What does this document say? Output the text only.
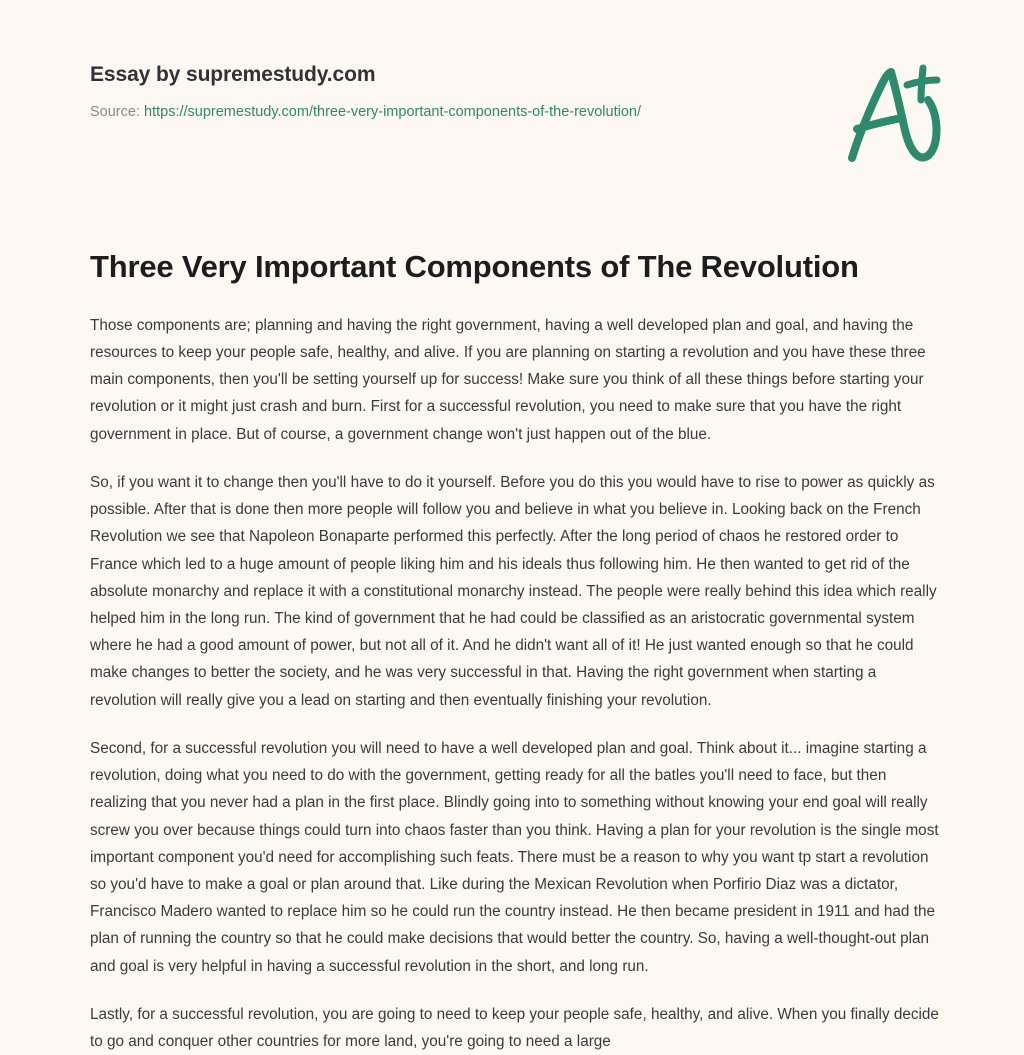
Essay by supremestudy.com
Source: https://supremestudy.com/three-very-important-components-of-the-revolution/
Three Very Important Components of The Revolution

Those components are; planning and having the right government, having a well developed plan and goal, and having the resources to keep your people safe, healthy, and alive. If you are planning on starting a revolution and you have these three main components, then you'll be setting yourself up for success! Make sure you think of all these things before starting your revolution or it might just crash and burn. First for a successful revolution, you need to make sure that you have the right government in place. But of course, a government change won't just happen out of the blue.

So, if you want it to change then you'll have to do it yourself. Before you do this you would have to rise to power as quickly as possible. After that is done then more people will follow you and believe in what you believe in. Looking back on the French Revolution we see that Napoleon Bonaparte performed this perfectly. After the long period of chaos he restored order to France which led to a huge amount of people liking him and his ideals thus following him. He then wanted to get rid of the absolute monarchy and replace it with a constitutional monarchy instead. The people were really behind this idea which really helped him in the long run. The kind of government that he had could be classified as an aristocratic governmental system where he had a good amount of power, but not all of it. And he didn't want all of it! He just wanted enough so that he could make changes to better the society, and he was very successful in that. Having the right government when starting a revolution will really give you a lead on starting and then eventually finishing your revolution.

Second, for a successful revolution you will need to have a well developed plan and goal. Think about it... imagine starting a revolution, doing what you need to do with the government, getting ready for all the batles you'll need to face, but then realizing that you never had a plan in the first place. Blindly going into to something without knowing your end goal will really screw you over because things could turn into chaos faster than you think. Having a plan for your revolution is the single most important component you'd need for accomplishing such feats. There must be a reason to why you want tp start a revolution so you'd have to make a goal or plan around that. Like during the Mexican Revolution when Porfirio Diaz was a dictator, Francisco Madero wanted to replace him so he could run the country instead. He then became president in 1911 and had the plan of running the country so that he could make decisions that would better the country. So, having a well-thought-out plan and goal is very helpful in having a successful revolution in the short, and long run.

Lastly, for a successful revolution, you are going to need to keep your people safe, healthy, and alive. When you finally decide to go and conquer other countries for more land, you're going to need a large
